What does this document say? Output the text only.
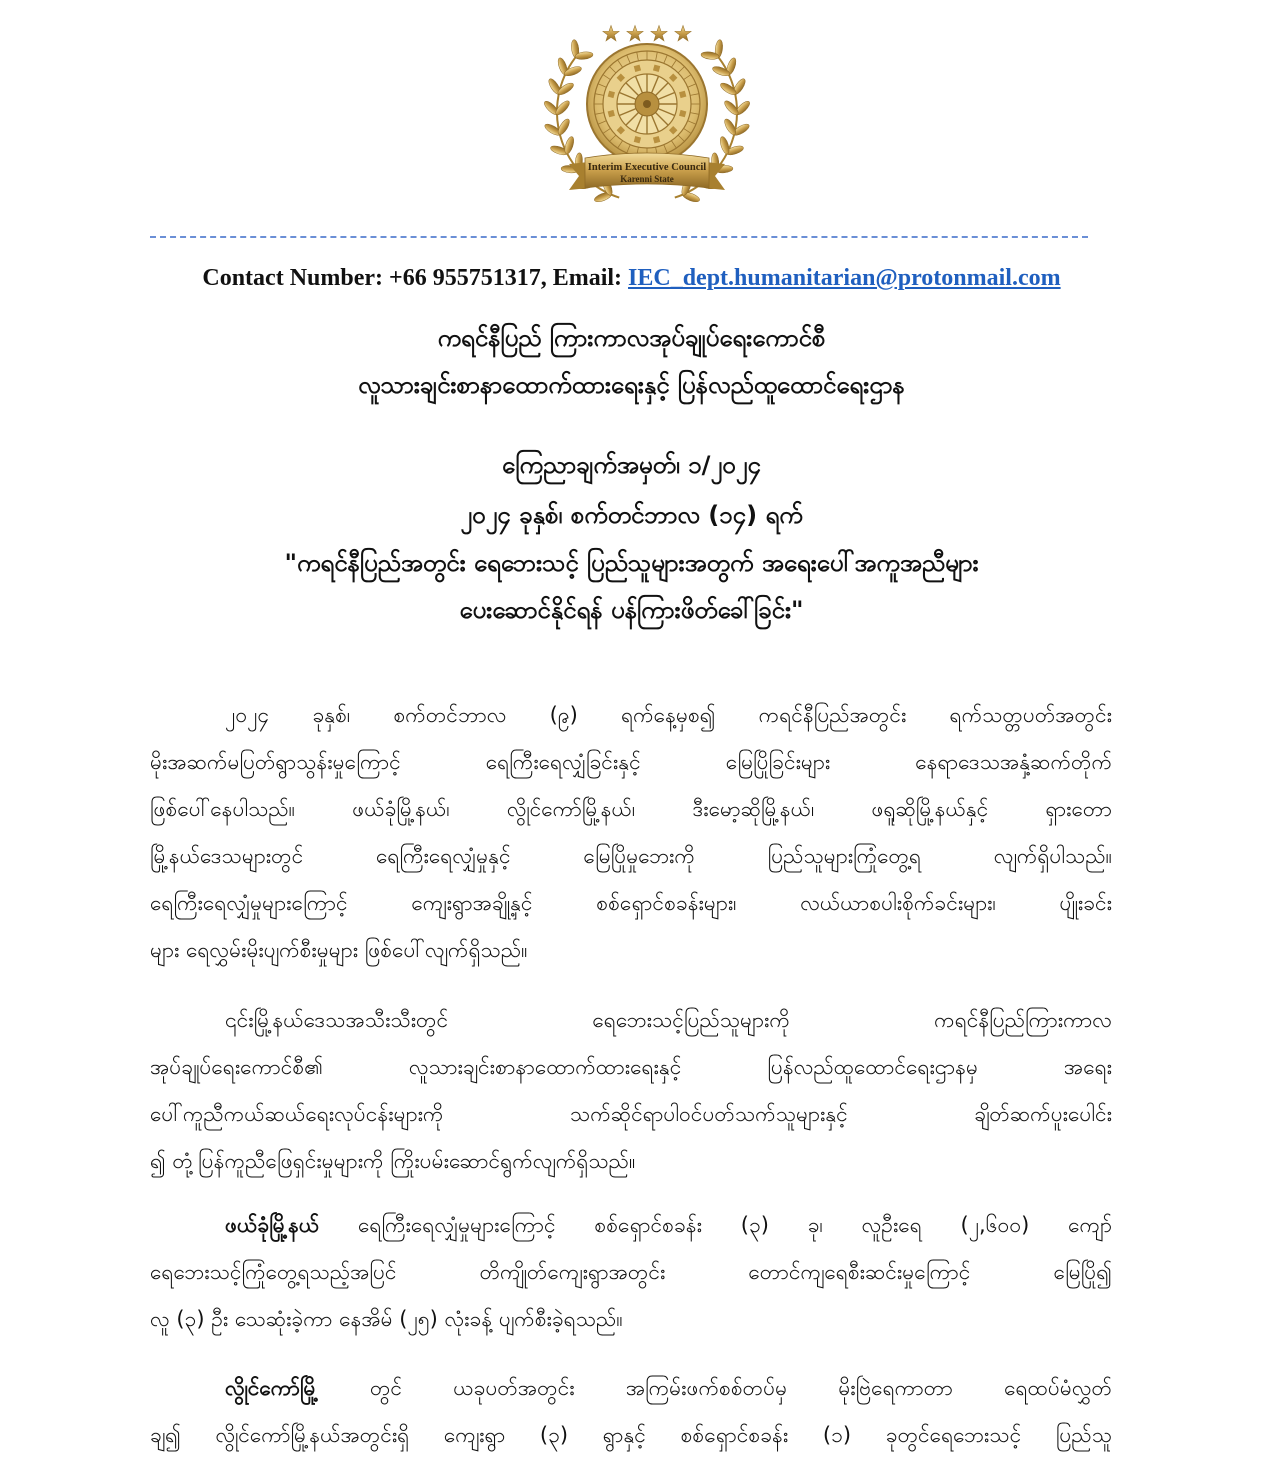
Interim Executive Council
Karenni State
Contact Number: +66 955751317, Email: IEC_dept.humanitarian@protonmail.com
ကရင်နီပြည် ကြားကာလအုပ်ချုပ်ရေးကောင်စီ
လူသားချင်းစာနာထောက်ထားရေးနှင့် ပြန်လည်ထူထောင်ရေးဌာန
ကြေညာချက်အမှတ်၊ ၁/၂၀၂၄
၂၀၂၄ ခုနှစ်၊ စက်တင်ဘာလ (၁၄) ရက်
"ကရင်နီပြည်အတွင်း ရေဘေးသင့် ပြည်သူများအတွက် အရေးပေါ်အကူအညီများ
ပေးဆောင်နိုင်ရန် ပန်ကြားဖိတ်ခေါ်ခြင်း"
၂၀၂၄ ခုနှစ်၊ စက်တင်ဘာလ (၉) ရက်နေ့မှစ၍ ကရင်နီပြည်အတွင်း ရက်သတ္တပတ်အတွင်း
မိုးအဆက်မပြတ်ရွာသွန်းမှုကြောင့် ရေကြီးရေလျှံခြင်းနှင့် မြေပြိုခြင်းများ နေရာဒေသအနှံ့ဆက်တိုက်
ဖြစ်ပေါ်နေပါသည်။ ဖယ်ခုံမြို့နယ်၊ လွိုင်ကော်မြို့နယ်၊ ဒီးမော့ဆိုမြို့နယ်၊ ဖရူဆိုမြို့နယ်နှင့် ရှားတော
မြို့နယ်ဒေသများတွင် ရေကြီးရေလျှံမှုနှင့် မြေပြိုမှုဘေးကို ပြည်သူများကြုံတွေ့ရ လျက်ရှိပါသည်။
ရေကြီးရေလျှံမှုများကြောင့် ကျေးရွာအချို့နှင့် စစ်ရှောင်စခန်းများ၊ လယ်ယာစပါးစိုက်ခင်းများ၊ ပျိုးခင်း
များ ရေလွှမ်းမိုးပျက်စီးမှုများ ဖြစ်ပေါ်လျက်ရှိသည်။
၎င်းမြို့နယ်ဒေသအသီးသီးတွင် ရေဘေးသင့်ပြည်သူများကို ကရင်နီပြည်ကြားကာလ
အုပ်ချုပ်ရေးကောင်စီ၏ လူသားချင်းစာနာထောက်ထားရေးနှင့် ပြန်လည်ထူထောင်ရေးဌာနမှ အရေး
ပေါ်ကူညီကယ်ဆယ်ရေးလုပ်ငန်းများကို သက်ဆိုင်ရာပါဝင်ပတ်သက်သူများနှင့် ချိတ်ဆက်ပူးပေါင်း
၍ တုံ့ပြန်ကူညီဖြေရှင်းမှုများကို ကြိုးပမ်းဆောင်ရွက်လျက်ရှိသည်။
ဖယ်ခုံမြို့နယ် ရေကြီးရေလျှံမှုများကြောင့် စစ်ရှောင်စခန်း (၃) ခု၊ လူဦးရေ (၂,၆၀၀) ကျော်
ရေဘေးသင့်ကြုံတွေ့ရသည့်အပြင် တိကျိုတ်ကျေးရွာအတွင်း တောင်ကျရေစီးဆင်းမှုကြောင့် မြေပြို၍
လူ (၃) ဦး သေဆုံးခဲ့ကာ နေအိမ် (၂၅) လုံးခန့် ပျက်စီးခဲ့ရသည်။
လွိုင်ကော်မြို့ တွင် ယခုပတ်အတွင်း အကြမ်းဖက်စစ်တပ်မှ မိုးဗြဲရေကာတာ ရေထပ်မံလွှတ်
ချ၍ လွိုင်ကော်မြို့နယ်အတွင်းရှိ ကျေးရွာ (၃) ရွာနှင့် စစ်ရှောင်စခန်း (၁) ခုတွင်ရေဘေးသင့် ပြည်သူ
